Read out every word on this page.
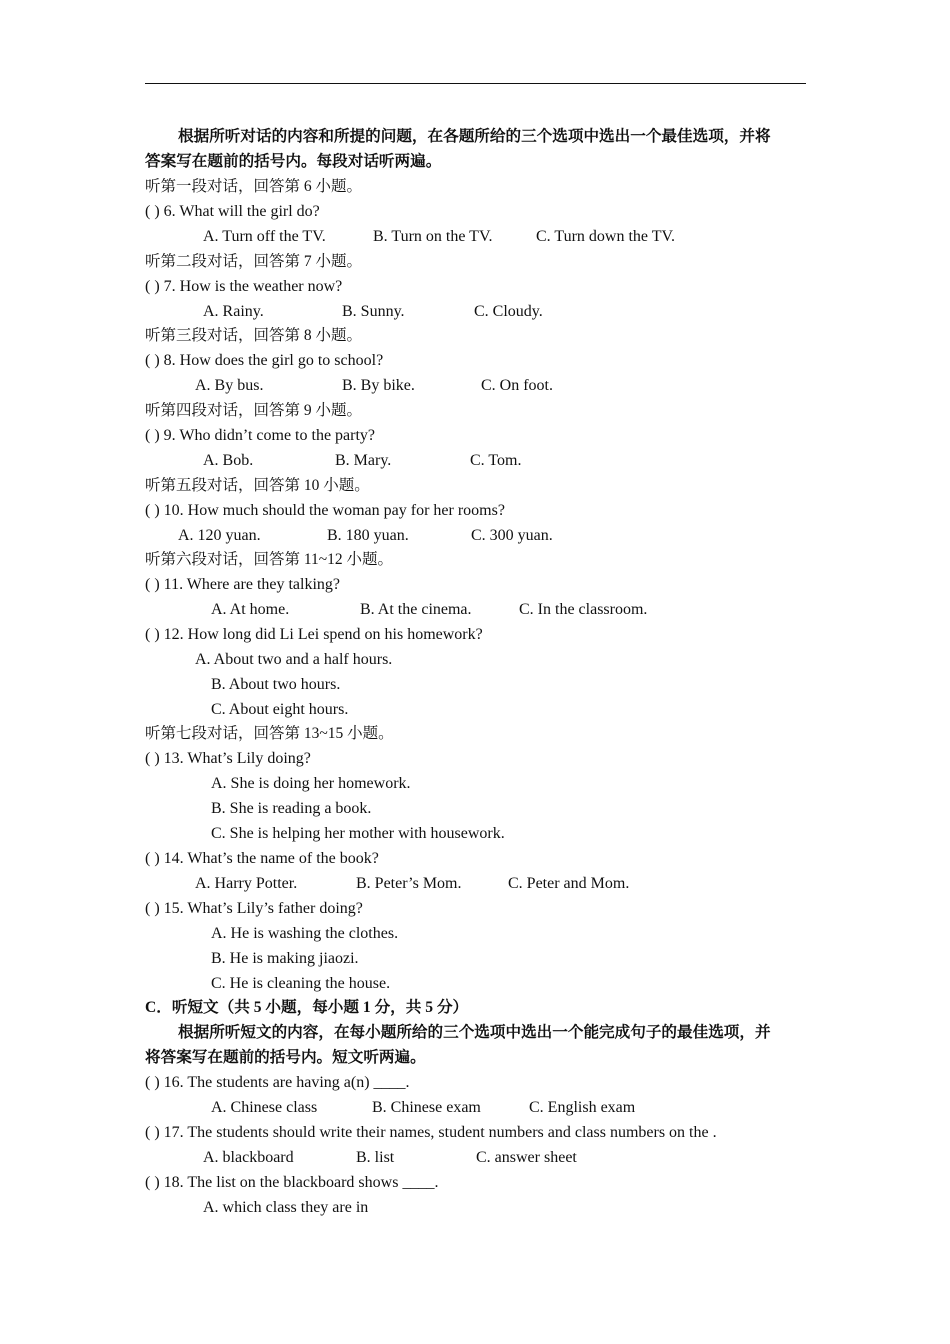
根据所听对话的内容和所提的问题，在各题所给的三个选项中选出一个最佳选项，并将
答案写在题前的括号内。每段对话听两遍。
听第一段对话，回答第 6 小题。
( ) 6. What will the girl do?
A. Turn off the TV.	B. Turn on the TV.	C. Turn down the TV.
听第二段对话，回答第 7 小题。
( ) 7. How is the weather now?
A. Rainy.	B. Sunny.	C. Cloudy.
听第三段对话，回答第 8 小题。
( ) 8. How does the girl go to school?
A. By bus.	B. By bike.	C. On foot.
听第四段对话，回答第 9 小题。
( ) 9. Who didn’t come to the party?
A. Bob.	B. Mary.	C. Tom.
听第五段对话，回答第 10 小题。
( ) 10. How much should the woman pay for her rooms?
A. 120 yuan.	B. 180 yuan.	C. 300 yuan.
听第六段对话，回答第 11~12 小题。
( ) 11. Where are they talking?
A. At home.	B. At the cinema.	C. In the classroom.
( ) 12. How long did Li Lei spend on his homework?
A. About two and a half hours.
B. About two hours.
C. About eight hours.
听第七段对话，回答第 13~15 小题。
( ) 13. What’s Lily doing?
A. She is doing her homework.
B. She is reading a book.
C. She is helping her mother with housework.
( ) 14. What’s the name of the book?
A. Harry Potter.	B. Peter’s Mom.	C. Peter and Mom.
( ) 15. What’s Lily’s father doing?
A. He is washing the clothes.
B. He is making jiaozi.
C. He is cleaning the house.
C．听短文（共 5 小题，每小题 1 分，共 5 分）
根据所听短文的内容，在每小题所给的三个选项中选出一个能完成句子的最佳选项，并
将答案写在题前的括号内。短文听两遍。
( ) 16. The students are having a(n) ____.
A. Chinese class	B. Chinese exam	C. English exam
( ) 17. The students should write their names, student numbers and class numbers on the .
A. blackboard	B. list	C. answer sheet
( ) 18. The list on the blackboard shows ____.
A. which class they are in
